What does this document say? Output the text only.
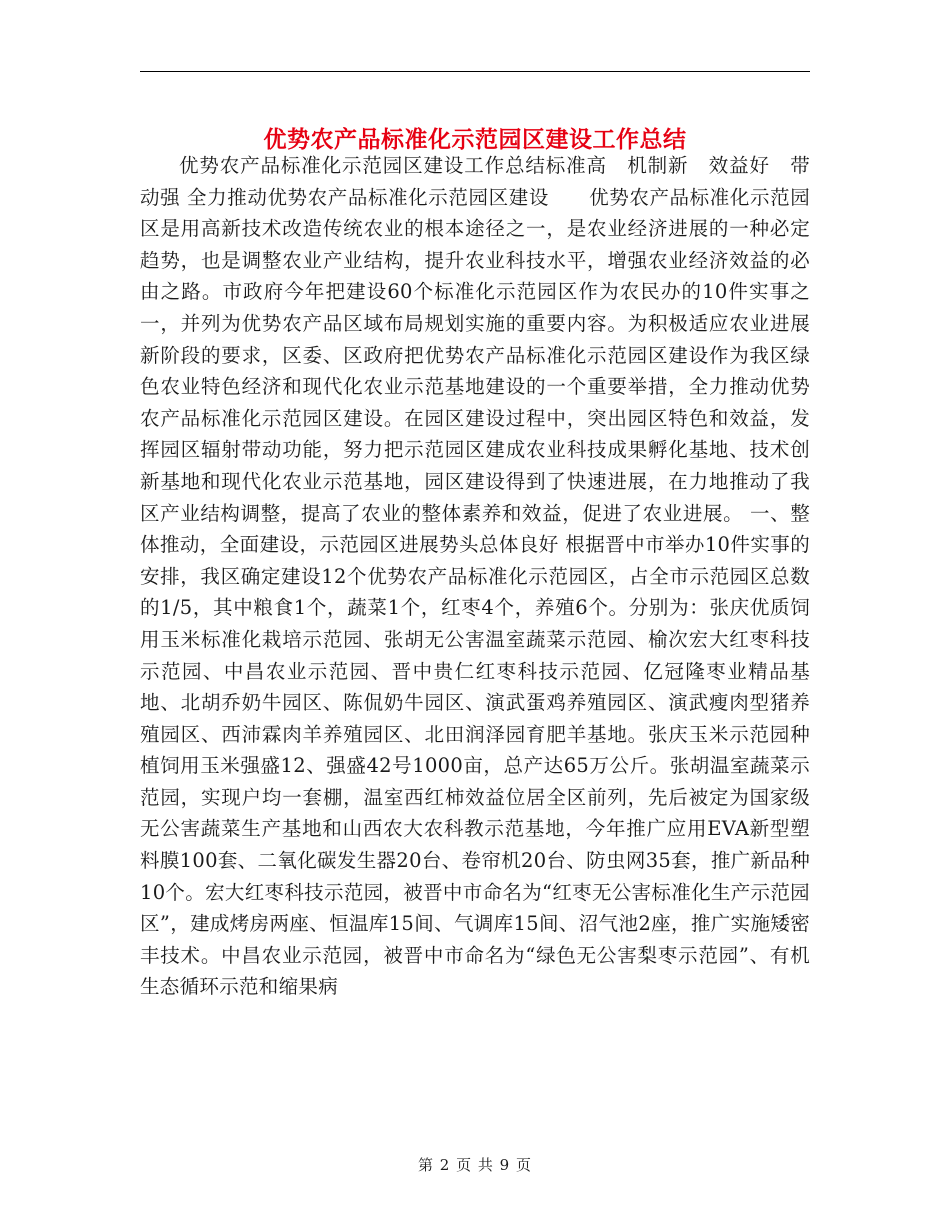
优势农产品标准化示范园区建设工作总结

优势农产品标准化示范园区建设工作总结标准高　机制新　效益好　带动强 全力推动优势农产品标准化示范园区建设　　优势农产品标准化示范园区是用高新技术改造传统农业的根本途径之一，是农业经济进展的一种必定趋势，也是调整农业产业结构，提升农业科技水平，增强农业经济效益的必由之路。市政府今年把建设60个标准化示范园区作为农民办的10件实事之一，并列为优势农产品区域布局规划实施的重要内容。为积极适应农业进展新阶段的要求，区委、区政府把优势农产品标准化示范园区建设作为我区绿色农业特色经济和现代化农业示范基地建设的一个重要举措，全力推动优势农产品标准化示范园区建设。在园区建设过程中，突出园区特色和效益，发挥园区辐射带动功能，努力把示范园区建成农业科技成果孵化基地、技术创新基地和现代化农业示范基地，园区建设得到了快速进展，在力地推动了我区产业结构调整，提高了农业的整体素养和效益，促进了农业进展。 一、整体推动，全面建设，示范园区进展势头总体良好 根据晋中市举办10件实事的安排，我区确定建设12个优势农产品标准化示范园区，占全市示范园区总数的1/5，其中粮食1个，蔬菜1个，红枣4个，养殖6个。分别为：张庆优质饲用玉米标准化栽培示范园、张胡无公害温室蔬菜示范园、榆次宏大红枣科技示范园、中昌农业示范园、晋中贵仁红枣科技示范园、亿冠隆枣业精品基地、北胡乔奶牛园区、陈侃奶牛园区、演武蛋鸡养殖园区、演武瘦肉型猪养殖园区、西沛霖肉羊养殖园区、北田润泽园育肥羊基地。张庆玉米示范园种植饲用玉米强盛12、强盛42号1000亩，总产达65万公斤。张胡温室蔬菜示范园，实现户均一套棚，温室西红柿效益位居全区前列，先后被定为国家级无公害蔬菜生产基地和山西农大农科教示范基地，今年推广应用EVA新型塑料膜100套、二氧化碳发生器20台、卷帘机20台、防虫网35套，推广新品种10个。宏大红枣科技示范园，被晋中市命名为“红枣无公害标准化生产示范园区”，建成烤房两座、恒温库15间、气调库15间、沼气池2座，推广实施矮密丰技术。中昌农业示范园，被晋中市命名为“绿色无公害梨枣示范园”、有机生态循环示范和缩果病

第 2 页 共 9 页
